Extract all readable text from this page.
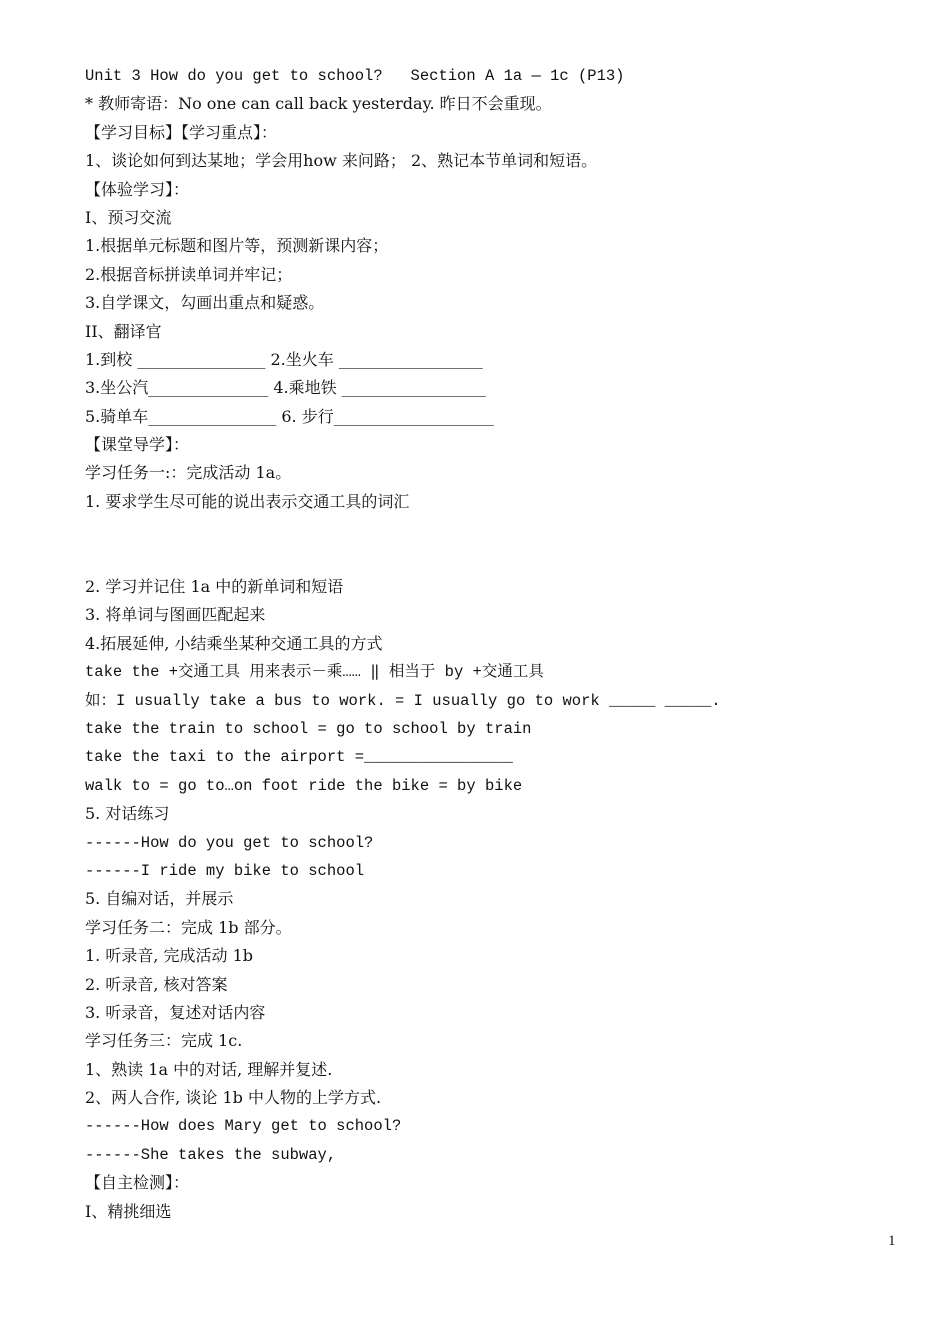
Unit 3 How do you get to school?   Section A 1a — 1c (P13)
* 教师寄语：No one can call back yesterday. 昨日不会重现。
【学习目标】【学习重点】：
1、谈论如何到达某地；学会用how 来问路； 2、熟记本节单词和短语。
【体验学习】：
I、预习交流
1.根据单元标题和图片等，预测新课内容；
2.根据音标拼读单词并牢记；
3.自学课文，勾画出重点和疑惑。
II、翻译官
1.到校 ________________ 2.坐火车 __________________
3.坐公汽_______________ 4.乘地铁 __________________
5.骑单车________________ 6. 步行____________________
【课堂导学】：
学习任务一:：完成活动 1a。
1. 要求学生尽可能的说出表示交通工具的词汇
2. 学习并记住 1a 中的新单词和短语
3. 将单词与图画匹配起来
4.拓展延伸, 小结乘坐某种交通工具的方式
take the +交通工具 用来表示－乘…… ‖ 相当于 by +交通工具
如：I usually take a bus to work. = I usually go to work _____ _____.
take the train to school = go to school by train
take the taxi to the airport =________________
walk to = go to…on foot ride the bike = by bike
5. 对话练习
------How do you get to school?
------I ride my bike to school
5. 自编对话，并展示
学习任务二：完成 1b 部分。
1. 听录音, 完成活动 1b
2. 听录音, 核对答案
3. 听录音，复述对话内容
学习任务三：完成 1c.
1、熟读 1a 中的对话, 理解并复述.
2、两人合作, 谈论 1b 中人物的上学方式.
------How does Mary get to school?
------She takes the subway,
【自主检测】：
I、精挑细选
1
